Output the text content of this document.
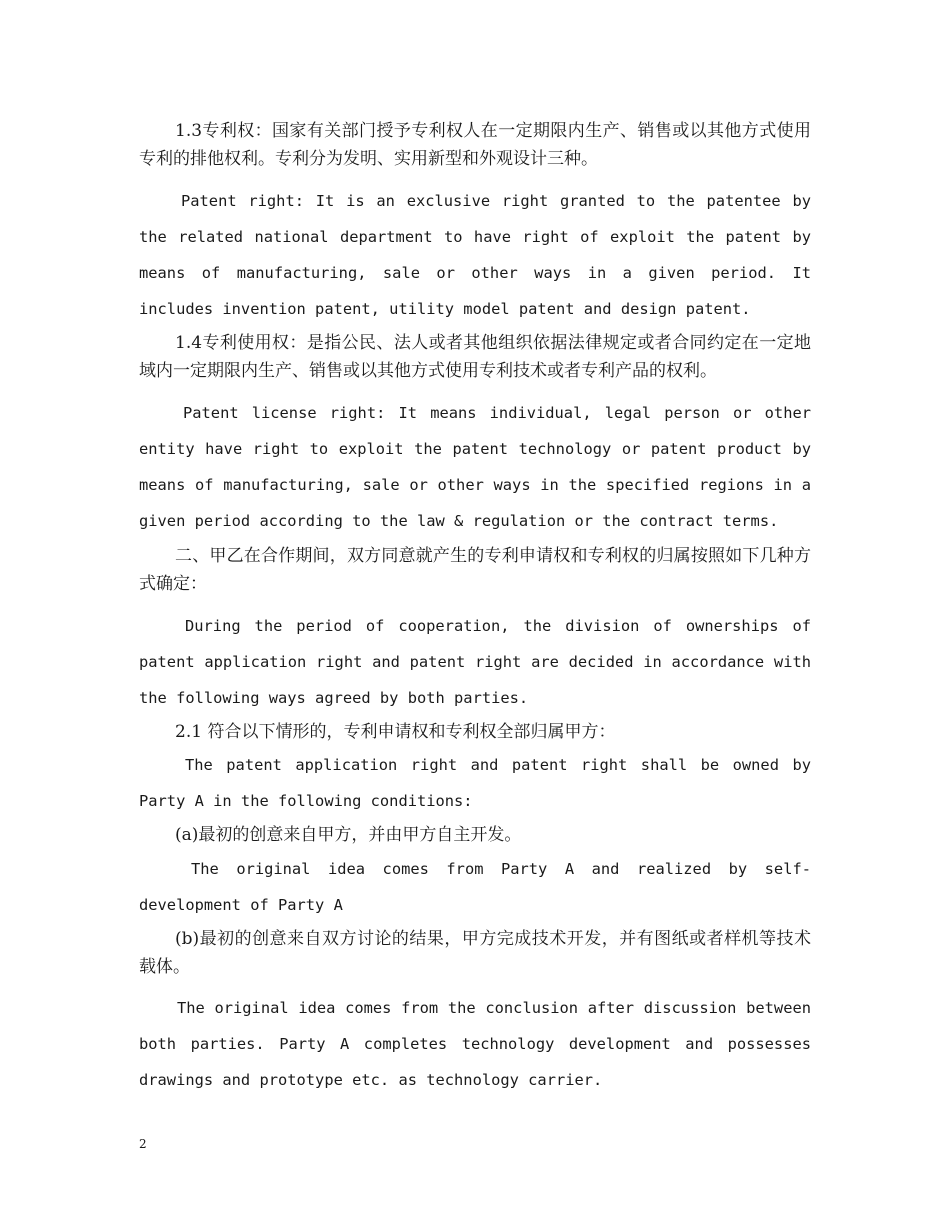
1.3专利权：国家有关部门授予专利权人在一定期限内生产、销售或以其他方式使用专利的排他权利。专利分为发明、实用新型和外观设计三种。

Patent right: It is an exclusive right granted to the patentee by the related national department to have right of exploit the patent by means of manufacturing, sale or other ways in a given period. It includes invention patent, utility model patent and design patent.

1.4专利使用权：是指公民、法人或者其他组织依据法律规定或者合同约定在一定地域内一定期限内生产、销售或以其他方式使用专利技术或者专利产品的权利。

Patent license right: It means individual, legal person or other entity have right to exploit the patent technology or patent product by means of manufacturing, sale or other ways in the specified regions in a given period according to the law & regulation or the contract terms.

二、甲乙在合作期间，双方同意就产生的专利申请权和专利权的归属按照如下几种方式确定：

During the period of cooperation, the division of ownerships of patent application right and patent right are decided in accordance with the following ways agreed by both parties.

2.1 符合以下情形的，专利申请权和专利权全部归属甲方：

The patent application right and patent right shall be owned by Party A in the following conditions:

(a)最初的创意来自甲方，并由甲方自主开发。

The original idea comes from Party A and realized by self-development of Party A

(b)最初的创意来自双方讨论的结果，甲方完成技术开发，并有图纸或者样机等技术载体。

The original idea comes from the conclusion after discussion between both parties. Party A completes technology development and possesses drawings and prototype etc. as technology carrier.

2
